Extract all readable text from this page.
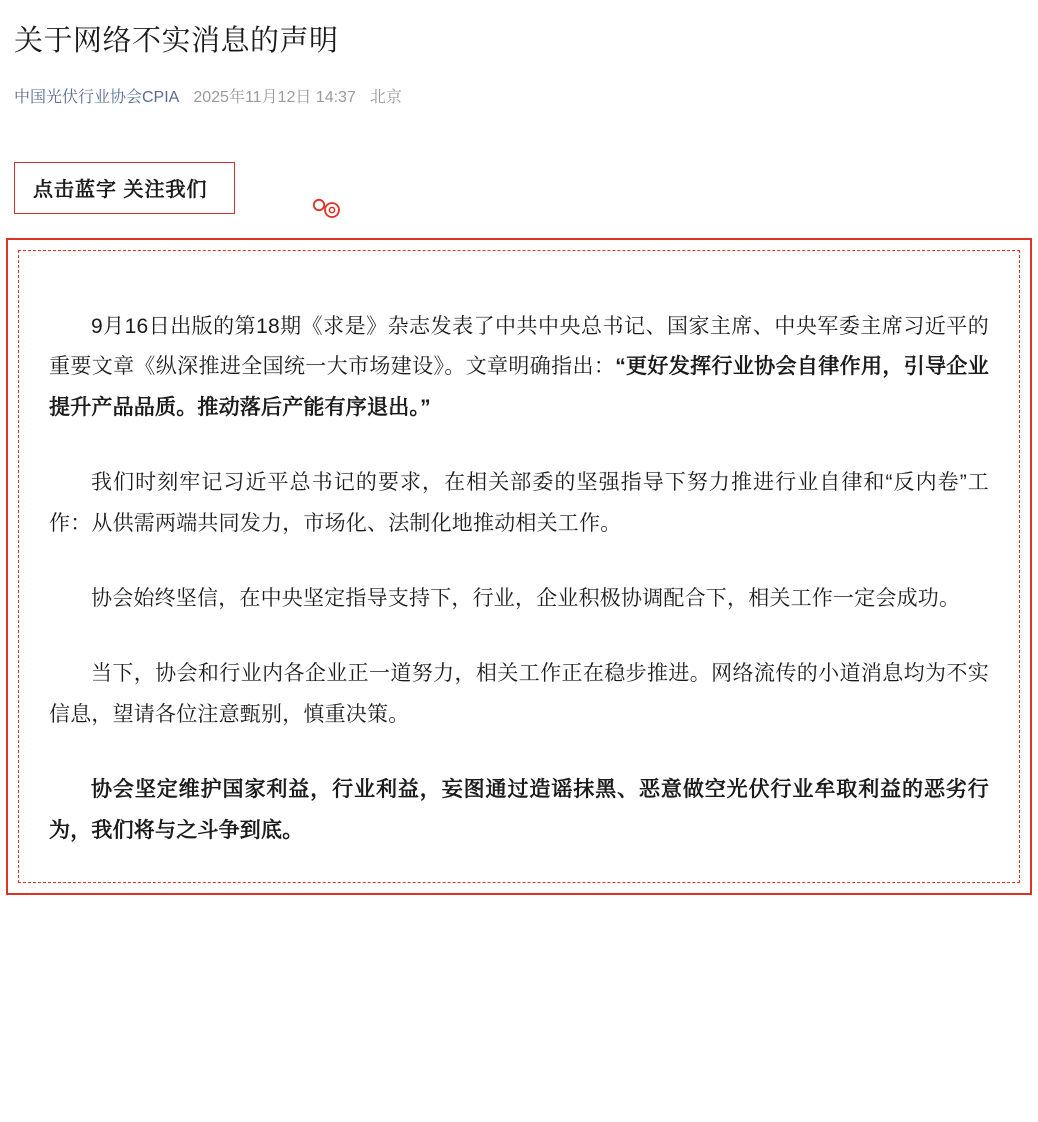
关于网络不实消息的声明
中国光伏行业协会CPIA 2025年11月12日 14:37 北京
点击蓝字 关注我们

9月16日出版的第18期《求是》杂志发表了中共中央总书记、国家主席、中央军委主席习近平的重要文章《纵深推进全国统一大市场建设》。文章明确指出：“更好发挥行业协会自律作用，引导企业提升产品品质。推动落后产能有序退出。”

我们时刻牢记习近平总书记的要求，在相关部委的坚强指导下努力推进行业自律和“反内卷”工作：从供需两端共同发力，市场化、法制化地推动相关工作。

协会始终坚信，在中央坚定指导支持下，行业，企业积极协调配合下，相关工作一定会成功。

当下，协会和行业内各企业正一道努力，相关工作正在稳步推进。网络流传的小道消息均为不实信息，望请各位注意甄别，慎重决策。

协会坚定维护国家利益，行业利益，妄图通过造谣抹黑、恶意做空光伏行业牟取利益的恶劣行为，我们将与之斗争到底。
